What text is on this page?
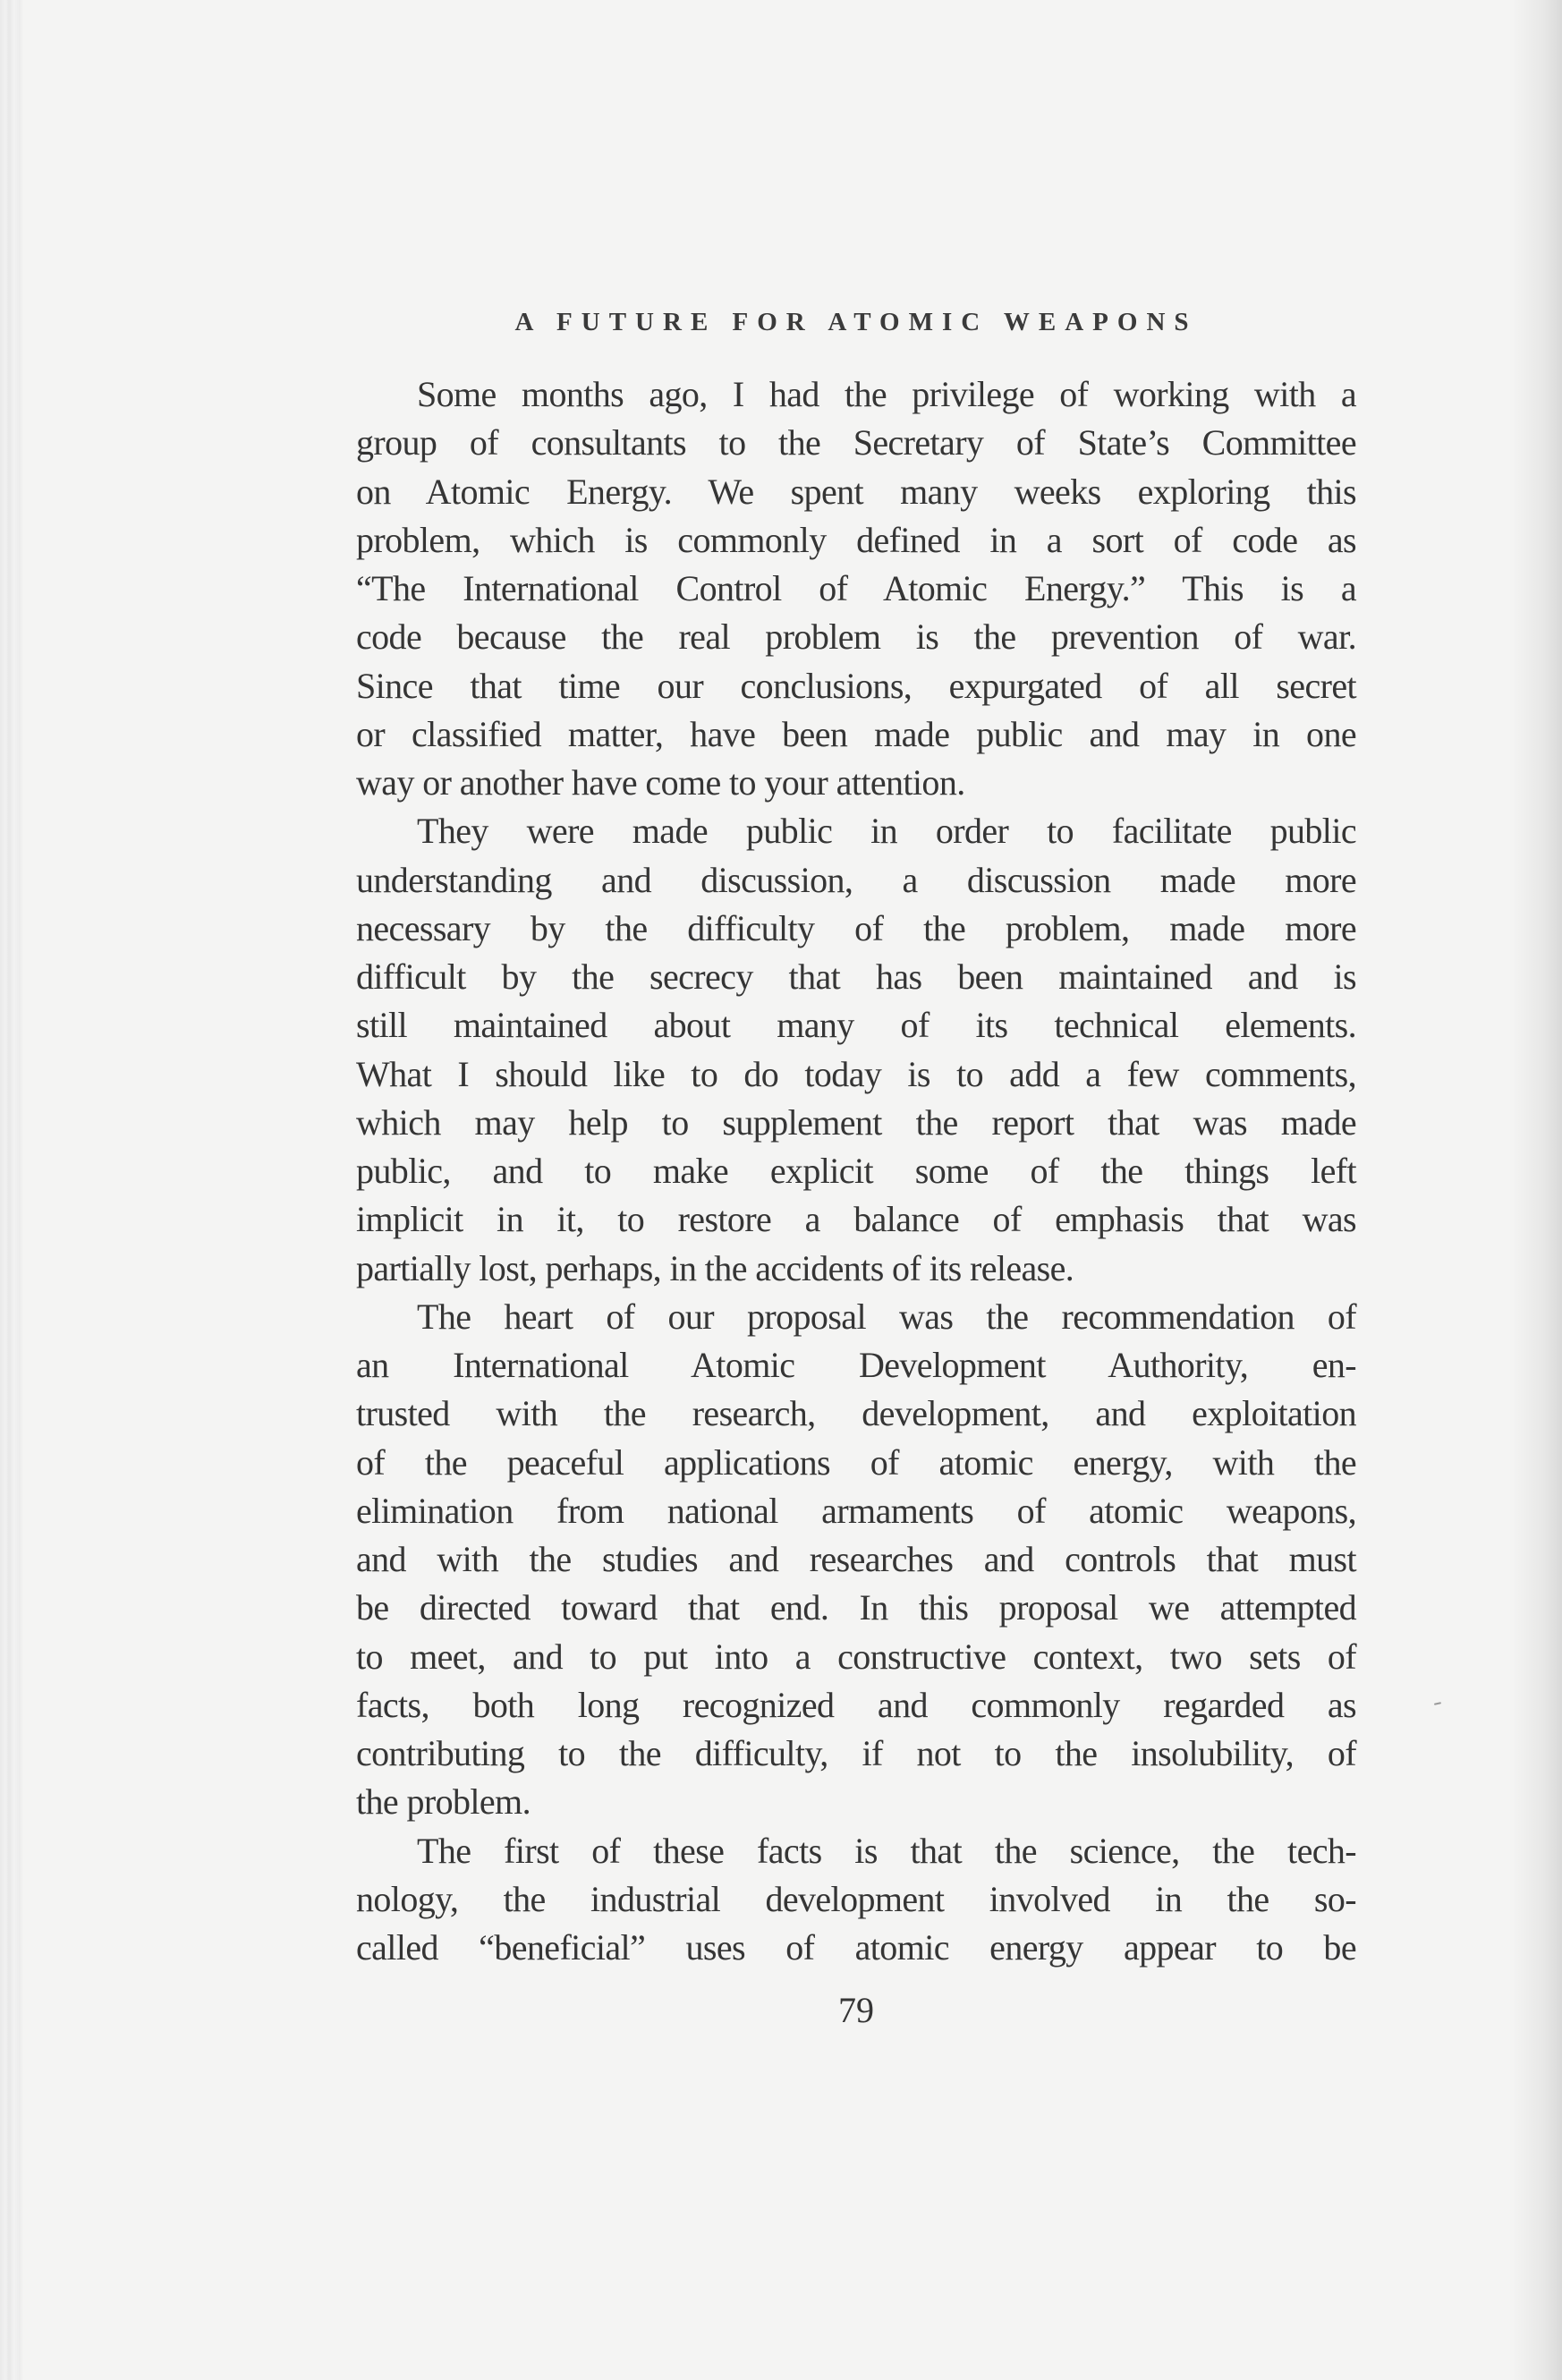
A FUTURE FOR ATOMIC WEAPONS
Some months ago, I had the privilege of working with a
group of consultants to the Secretary of State’s Committee
on Atomic Energy. We spent many weeks exploring this
problem, which is commonly defined in a sort of code as
“The International Control of Atomic Energy.” This is a
code because the real problem is the prevention of war.
Since that time our conclusions, expurgated of all secret
or classified matter, have been made public and may in one
way or another have come to your attention.
They were made public in order to facilitate public
understanding and discussion, a discussion made more
necessary by the difficulty of the problem, made more
difficult by the secrecy that has been maintained and is
still maintained about many of its technical elements.
What I should like to do today is to add a few comments,
which may help to supplement the report that was made
public, and to make explicit some of the things left
implicit in it, to restore a balance of emphasis that was
partially lost, perhaps, in the accidents of its release.
The heart of our proposal was the recommendation of
an International Atomic Development Authority, en-
trusted with the research, development, and exploitation
of the peaceful applications of atomic energy, with the
elimination from national armaments of atomic weapons,
and with the studies and researches and controls that must
be directed toward that end. In this proposal we attempted
to meet, and to put into a constructive context, two sets of
facts, both long recognized and commonly regarded as
contributing to the difficulty, if not to the insolubility, of
the problem.
The first of these facts is that the science, the tech-
nology, the industrial development involved in the so-
called “beneficial” uses of atomic energy appear to be
79
